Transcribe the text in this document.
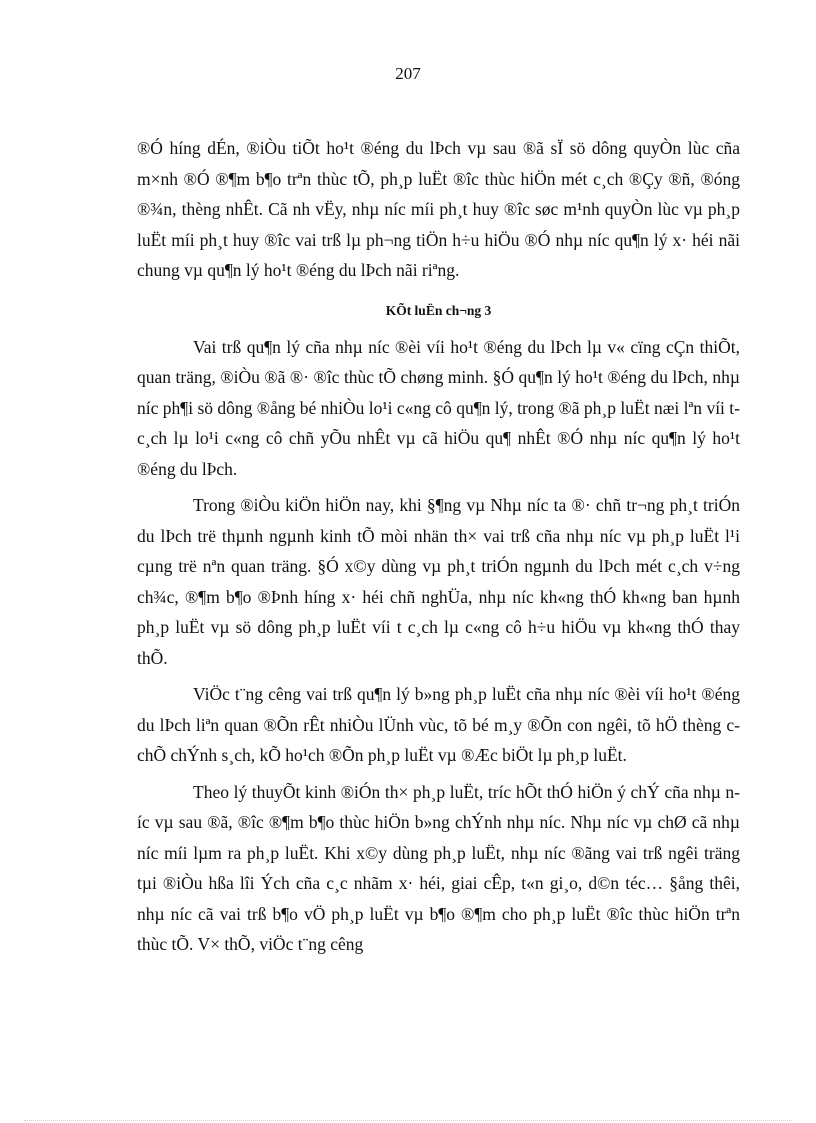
207

®Ó híng dÉn, ®iÒu tiÕt ho¹t ®éng du lÞch vµ sau ®ã sÏ sö dông quyÒn lùc cña m×nh ®Ó ®¶m b¶o trªn thùc tÕ, ph¸p luËt ®îc thùc hiÖn mét c¸ch ®Çy ®ñ, ®óng ®¾n, thèng nhÊt. Cã nh vËy, nhµ níc míi ph¸t huy ®îc søc m¹nh quyÒn lùc vµ ph¸p luËt míi ph¸t huy ®îc vai trß lµ ph¬ng tiÖn h÷u hiÖu ®Ó nhµ níc qu¶n lý x· héi nãi chung vµ qu¶n lý ho¹t ®éng du lÞch nãi riªng.

KÕt luËn ch¬ng 3

Vai trß qu¶n lý cña nhµ níc ®èi víi ho¹t ®éng du lÞch lµ v« cïng cÇn thiÕt, quan träng, ®iÒu ®ã ®· ®îc thùc tÕ chøng minh. §Ó qu¶n lý ho¹t ®éng du lÞch, nhµ níc ph¶i sö dông ®ång bé nhiÒu lo¹i c«ng cô qu¶n lý, trong ®ã ph¸p luËt næi lªn víi t c¸ch lµ lo¹i c«ng cô chñ yÕu nhÊt vµ cã hiÖu qu¶ nhÊt ®Ó nhµ níc qu¶n lý ho¹t ®éng du lÞch.

Trong ®iÒu kiÖn hiÖn nay, khi §¶ng vµ Nhµ níc ta ®· chñ tr¬ng ph¸t triÓn du lÞch trë thµnh ngµnh kinh tÕ mòi nhän th× vai trß cña nhµ níc vµ ph¸p luËt l¹i cµng trë nªn quan träng. §Ó x©y dùng vµ ph¸t triÓn ngµnh du lÞch mét c¸ch v÷ng ch¾c, ®¶m b¶o ®Þnh híng x· héi chñ nghÜa, nhµ níc kh«ng thÓ kh«ng ban hµnh ph¸p luËt vµ sö dông ph¸p luËt víi t c¸ch lµ c«ng cô h÷u hiÖu vµ kh«ng thÓ thay thÕ.

ViÖc t¨ng cêng vai trß qu¶n lý b»ng ph¸p luËt cña nhµ níc ®èi víi ho¹t ®éng du lÞch liªn quan ®Õn rÊt nhiÒu lÜnh vùc, tõ bé m¸y ®Õn con ngêi, tõ hÖ thèng c chÕ chÝnh s¸ch, kÕ ho¹ch ®Õn ph¸p luËt vµ ®Æc biÖt lµ ph¸p luËt.

Theo lý thuyÕt kinh ®iÓn th× ph¸p luËt, tríc hÕt thÓ hiÖn ý chÝ cña nhµ níc vµ sau ®ã, ®îc ®¶m b¶o thùc hiÖn b»ng chÝnh nhµ níc. Nhµ níc vµ chØ cã nhµ níc míi lµm ra ph¸p luËt. Khi x©y dùng ph¸p luËt, nhµ níc ®ãng vai trß ngêi träng tµi ®iÒu hßa lîi Ých cña c¸c nhãm x· héi, giai cÊp, t«n gi¸o, d©n téc… §ång thêi, nhµ níc cã vai trß b¶o vÖ ph¸p luËt vµ b¶o ®¶m cho ph¸p luËt ®îc thùc hiÖn trªn thùc tÕ. V× thÕ, viÖc t¨ng cêng
